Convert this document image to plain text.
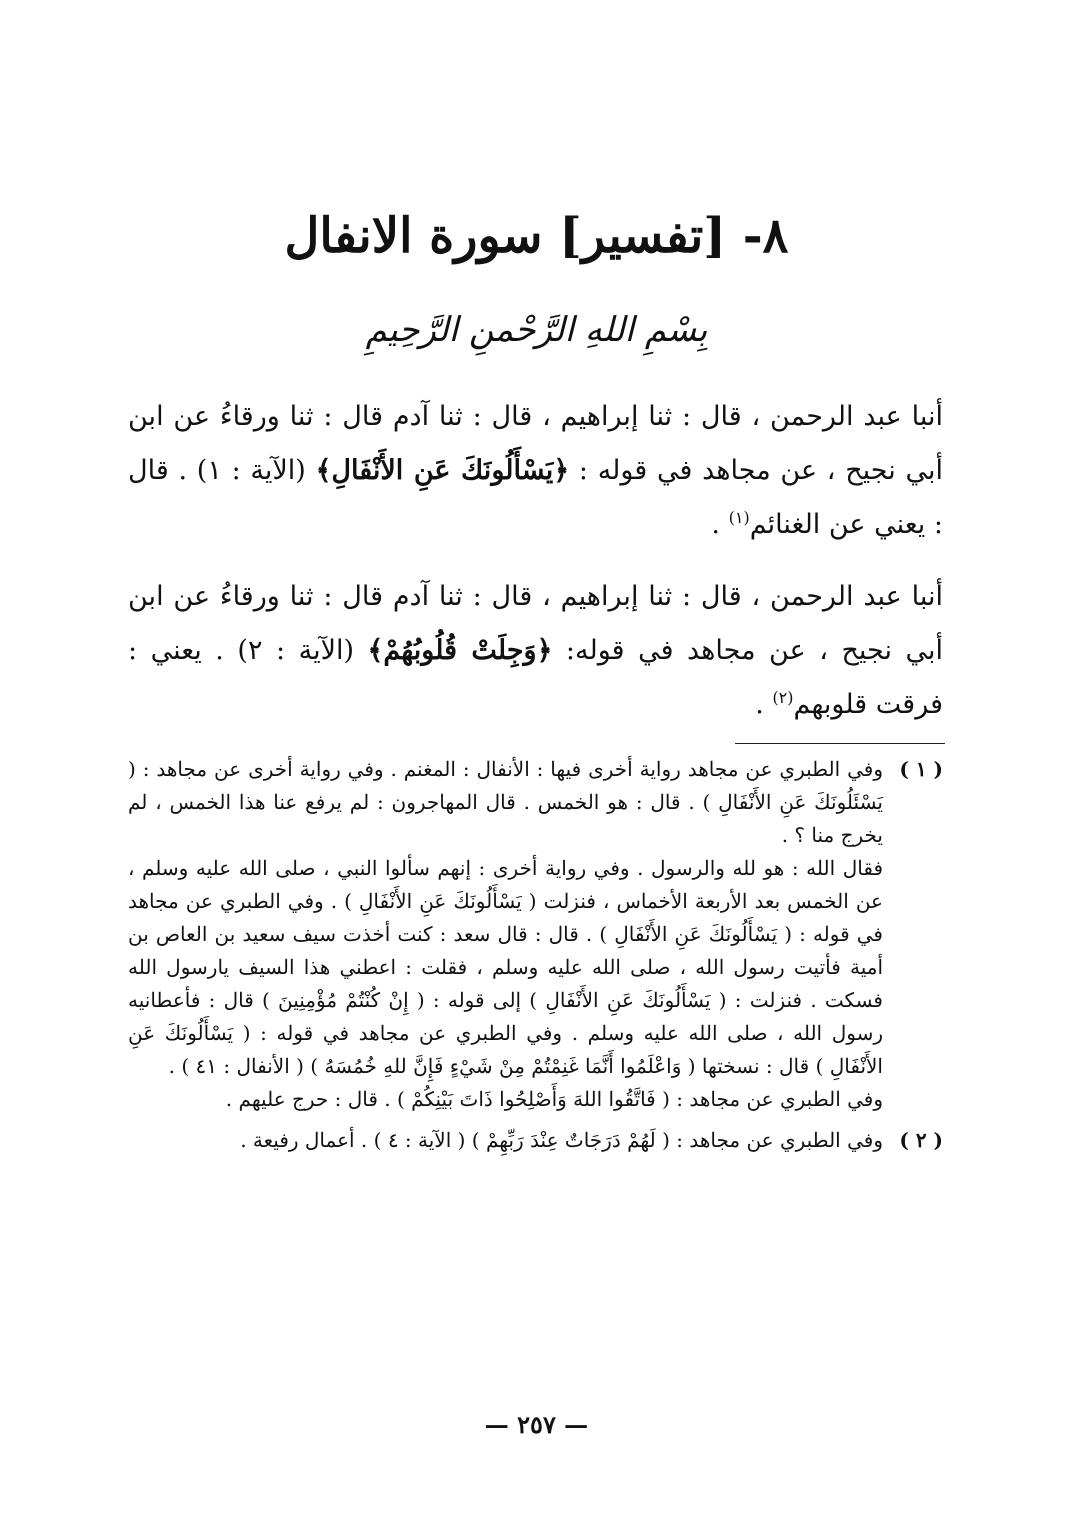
٨- [تفسير] سورة الانفال
بِسْمِ اللهِ الرَّحْمنِ الرَّحِيمِ

أنبا عبد الرحمن ، قال : ثنا إبراهيم ، قال : ثنا آدم قال : ثنا ورقاءُ عن ابن أبي نجيح ، عن مجاهد في قوله : ﴿يَسْأَلُونَكَ عَنِ الأَنْفَالِ﴾ (الآية : ١) . قال : يعني عن الغنائم$^{(١)}$ .

أنبا عبد الرحمن ، قال : ثنا إبراهيم ، قال : ثنا آدم قال : ثنا ورقاءُ عن ابن أبي نجيح ، عن مجاهد في قوله: ﴿وَجِلَتْ قُلُوبُهُمْ﴾ (الآية : ٢) . يعني : فرقت قلوبهم$^{(٢)}$ .

( ١ )

وفي الطبري عن مجاهد رواية أخرى فيها : الأنفال : المغنم . وفي رواية أخرى عن مجاهد : ( يَسْئَلُونَكَ عَنِ الأَنْفَالِ ) . قال : هو الخمس . قال المهاجرون : لم يرفع عنا هذا الخمس ، لم يخرج منا ؟ .

فقال الله : هو لله والرسول . وفي رواية أخرى : إنهم سألوا النبي ، صلى الله عليه وسلم ، عن الخمس بعد الأربعة الأخماس ، فنزلت ( يَسْأَلُونَكَ عَنِ الأَنْفَالِ ) . وفي الطبري عن مجاهد في قوله : ( يَسْأَلُونَكَ عَنِ الأَنْفَالِ ) . قال : قال سعد : كنت أخذت سيف سعيد بن العاص بن أمية فأتيت رسول الله ، صلى الله عليه وسلم ، فقلت : اعطني هذا السيف يارسول الله فسكت . فنزلت : ( يَسْأَلُونَكَ عَنِ الأَنْفَالِ ) إلى قوله : ( إِنْ كُنْتُمْ مُؤْمِنِينَ ) قال : فأعطانيه رسول الله ، صلى الله عليه وسلم . وفي الطبري عن مجاهد في قوله : ( يَسْأَلُونَكَ عَنِ الأَنْفَالِ ) قال : نسختها ( وَاعْلَمُوا أَنَّمَا غَنِمْتُمْ مِنْ شَيْءٍ فَإِنَّ للهِ خُمُسَهُ ) ( الأنفال : ٤١ ) .

وفي الطبري عن مجاهد : ( فَاتَّقُوا اللهَ وَأَصْلِحُوا ذَاتَ بَيْنِكُمْ ) . قال : حرج عليهم .

( ٢ )

وفي الطبري عن مجاهد : ( لَهُمْ دَرَجَاتٌ عِنْدَ رَبِّهِمْ ) ( الآية : ٤ ) . أعمال رفيعة .

— ٢٥٧ —
